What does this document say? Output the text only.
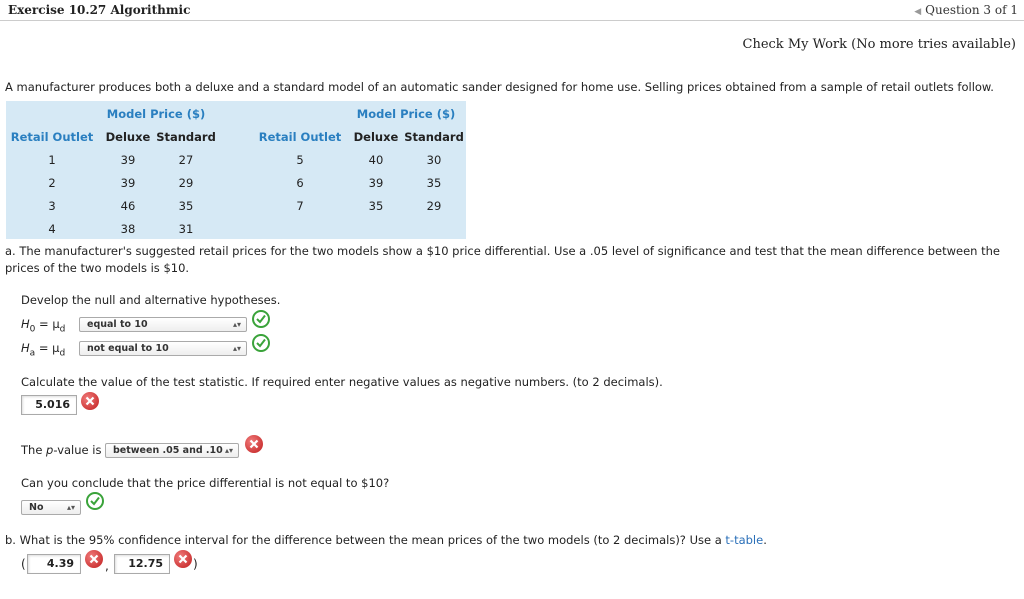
Exercise 10.27 Algorithmic	◀ Question 3 of 1
Check My Work (No more tries available)
A manufacturer produces both a deluxe and a standard model of an automatic sander designed for home use. Selling prices obtained from a sample of retail outlets follow.
Model Price ($)	Model Price ($)
Retail Outlet	Deluxe Standard	Retail Outlet	Deluxe Standard
1	39	27
2	39	29
3	46	35
4	38	31
5	40	30
6	39	35
7	35	29
a. The manufacturer's suggested retail prices for the two models show a $10 price differential. Use a .05 level of significance and test that the mean difference between the prices of the two models is $10.
Develop the null and alternative hypotheses.
$H_0 = \mu_d$	equal to 10	▴▾
$H_a = \mu_d$	not equal to 10	▴▾
Calculate the value of the test statistic. If required enter negative values as negative numbers. (to 2 decimals).
5.016
The p-value is	between .05 and .10 ▴▾
Can you conclude that the price differential is not equal to $10?
No	▴▾
b. What is the 95% confidence interval for the difference between the mean prices of the two models (to 2 decimals)? Use a t-table.
(	4.39	,	12.75	)
